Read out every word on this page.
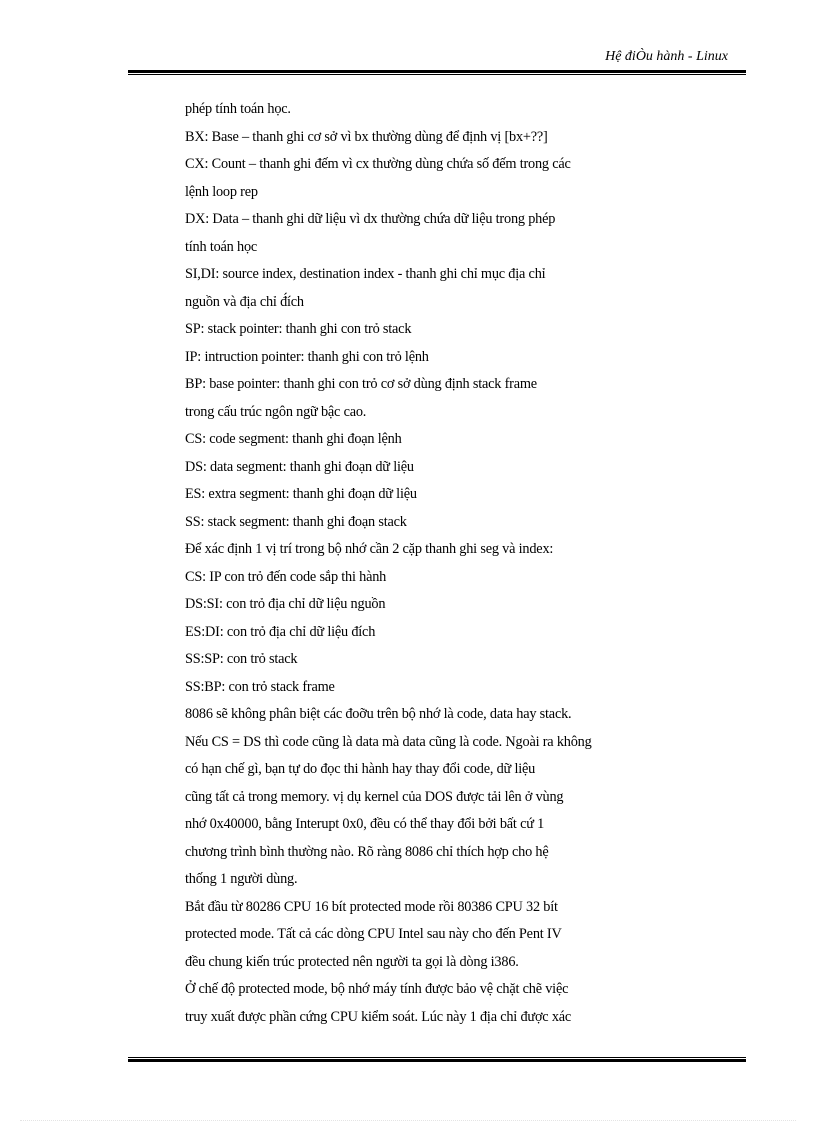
Hệ điÒu hành - Linux
phép tính toán học.
BX: Base – thanh ghi cơ sở vì bx thường dùng để định vị [bx+??]
CX: Count – thanh ghi đếm vì cx thường dùng chứa số đếm trong các
lệnh loop rep
DX: Data – thanh ghi dữ liệu vì dx thường chứa dữ liệu trong phép
tính toán học
SI,DI: source index, destination index - thanh ghi chỉ mục địa chỉ
nguồn và địa chỉ đ́ích
SP: stack pointer: thanh ghi con trỏ stack
IP: intruction pointer: thanh ghi con trỏ lệnh
BP: base pointer: thanh ghi con trỏ cơ sở dùng định stack frame
trong cấu trúc ngôn ngữ bậc cao.
CS: code segment: thanh ghi đoạn lệnh
DS: data segment: thanh ghi đoạn dữ liệu
ES: extra segment: thanh ghi đoạn dữ liệu
SS: stack segment: thanh ghi đoạn stack
Để xác định 1 vị trí trong bộ nhớ cần 2 cặp thanh ghi seg và index:
CS: IP con trỏ đến code sắp thi hành
DS:SI: con trỏ địa chỉ dữ liệu nguồn
ES:DI: con trỏ địa chỉ dữ liệu đích
SS:SP: con trỏ stack
SS:BP: con trỏ stack frame
8086 sẽ không phân biệt các đoỡu trên bộ nhớ là code, data hay stack.
Nếu CS = DS thì code cũng là data mà data cũng là code. Ngoài ra không
có hạn chế gì, bạn tự do đọc thi hành hay thay đổi code, dữ liệu
cũng tất cả trong memory. vị dụ kernel của DOS được tải lên ở vùng
nhớ 0x40000, bằng Interupt 0x0, đều có thể thay đổi bởi bất cứ 1
chương trình bình thường nào. Rõ ràng 8086 chỉ thích hợp cho hệ
thống 1 người dùng.
Bắt đầu từ 80286 CPU 16 bít protected mode rồi 80386 CPU 32 bít
protected mode. Tất cả các dòng CPU Intel sau này cho đến Pent IV
đều chung kiến trúc protected nên người ta gọi là dòng i386.
Ở chế độ protected mode, bộ nhớ máy tính được bảo vệ chặt chẽ việc
truy xuất được phần cứng CPU kiểm soát. Lúc này 1 địa chỉ được xác
